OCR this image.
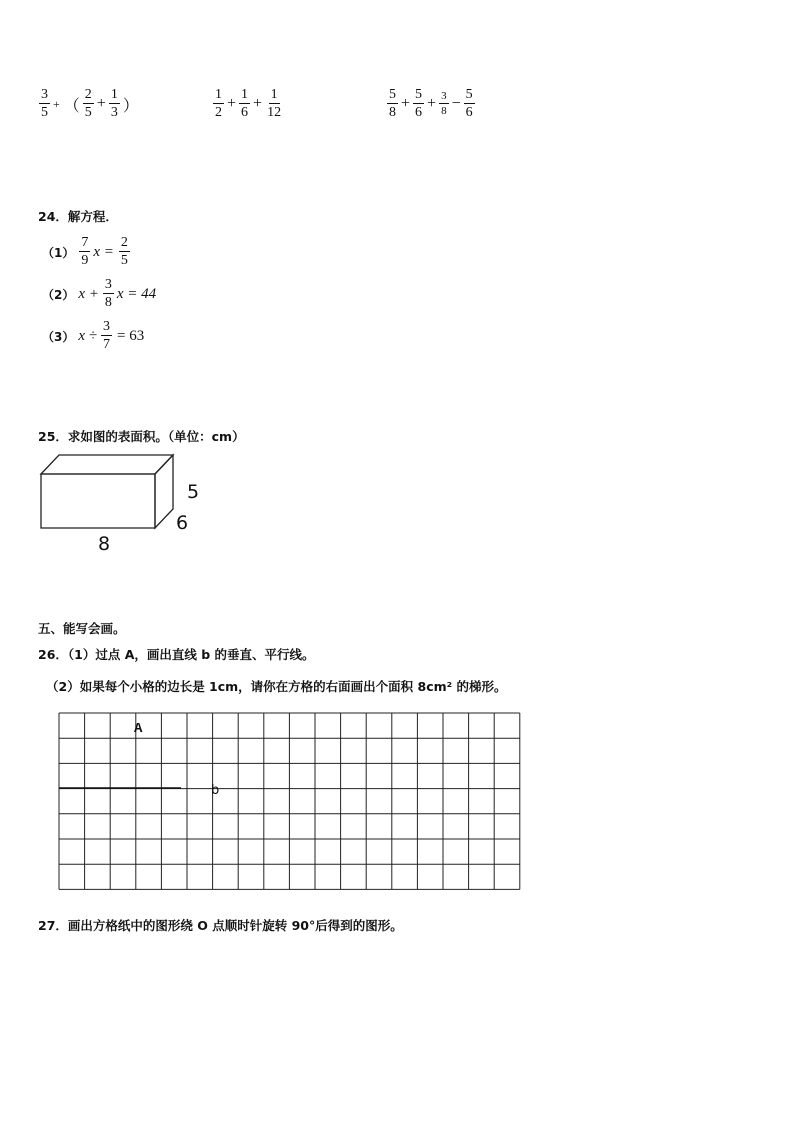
$\frac{3}{5}$ + （ $\frac{2}{5} + \frac{1}{3}$ ）	$\frac{1}{2} + \frac{1}{6} + \frac{1}{12}$	$\frac{5}{8} + \frac{5}{6} + \frac{3}{8} - \frac{5}{6}$
24．解方程．
$(1) \frac{7}{9}$ $x = \frac{2}{5}$
（2） $x + \frac{3}{8}$ x = 44
（3） $x \div \frac{3}{7} = 63$
25．求如图的表面积。（单位：cm）
8
5
6
五、能写会画。
26．（1）过点 A，画出直线 b 的垂直、平行线。
（2）如果每个小格的边长是 1cm，请你在方格的右面画出个面积 8cm² 的梯形。
A
b
27．画出方格纸中的图形绕 O 点顺时针旋转 90°后得到的图形。
